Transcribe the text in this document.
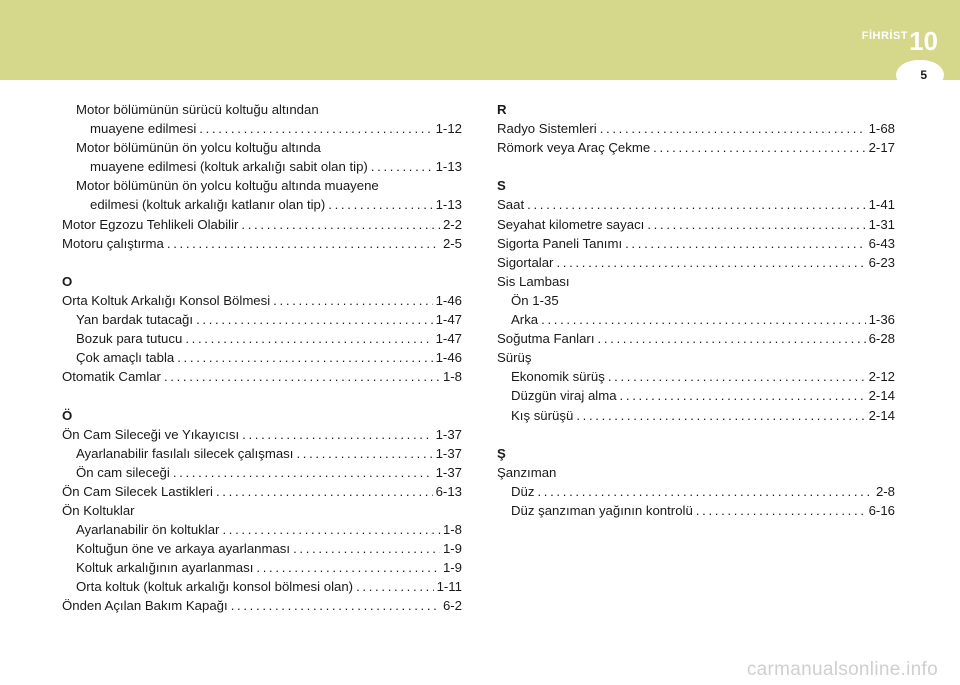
FİHRİST 10
5
Motor bölümünün sürücü koltuğu altından
muayene edilmesi . . .	1-12
Motor bölümünün ön yolcu koltuğu altında
muayene edilmesi (koltuk arkalığı sabit olan tip) . . .	1-13
Motor bölümünün ön yolcu koltuğu altında muayene
edilmesi (koltuk arkalığı katlanır olan tip) . . .	1-13
Motor Egzozu Tehlikeli Olabilir . . .	2-2
Motoru çalıştırma . . .	2-5
O
Orta Koltuk Arkalığı Konsol Bölmesi . . .	1-46
Yan bardak tutacağı . . .	1-47
Bozuk para tutucu . . .	1-47
Çok amaçlı tabla . . .	1-46
Otomatik Camlar . . .	1-8
Ö
Ön Cam Sileceği ve Yıkayıcısı . . .	1-37
Ayarlanabilir fasılalı silecek çalışması . . .	1-37
Ön cam sileceği . . .	1-37
Ön Cam Silecek Lastikleri . . .	6-13
Ön Koltuklar
Ayarlanabilir ön koltuklar . . .	1-8
Koltuğun öne ve arkaya ayarlanması . . .	1-9
Koltuk arkalığının ayarlanması . . .	1-9
Orta koltuk (koltuk arkalığı konsol bölmesi olan) . . .	1-11
Önden Açılan Bakım Kapağı . . .	6-2
R
Radyo Sistemleri . . .	1-68
Römork veya Araç Çekme . . .	2-17
S
Saat . . .	1-41
Seyahat kilometre sayacı . . .	1-31
Sigorta Paneli Tanımı . . .	6-43
Sigortalar . . .	6-23
Sis Lambası
Ön 1-35
Arka . . .	1-36
Soğutma Fanları . . .	6-28
Sürüş
Ekonomik sürüş . . .	2-12
Düzgün viraj alma . . .	2-14
Kış sürüşü . . .	2-14
Ş
Şanzıman
Düz . . .	2-8
Düz şanzıman yağının kontrolü . . .	6-16
carmanualsonline.info
